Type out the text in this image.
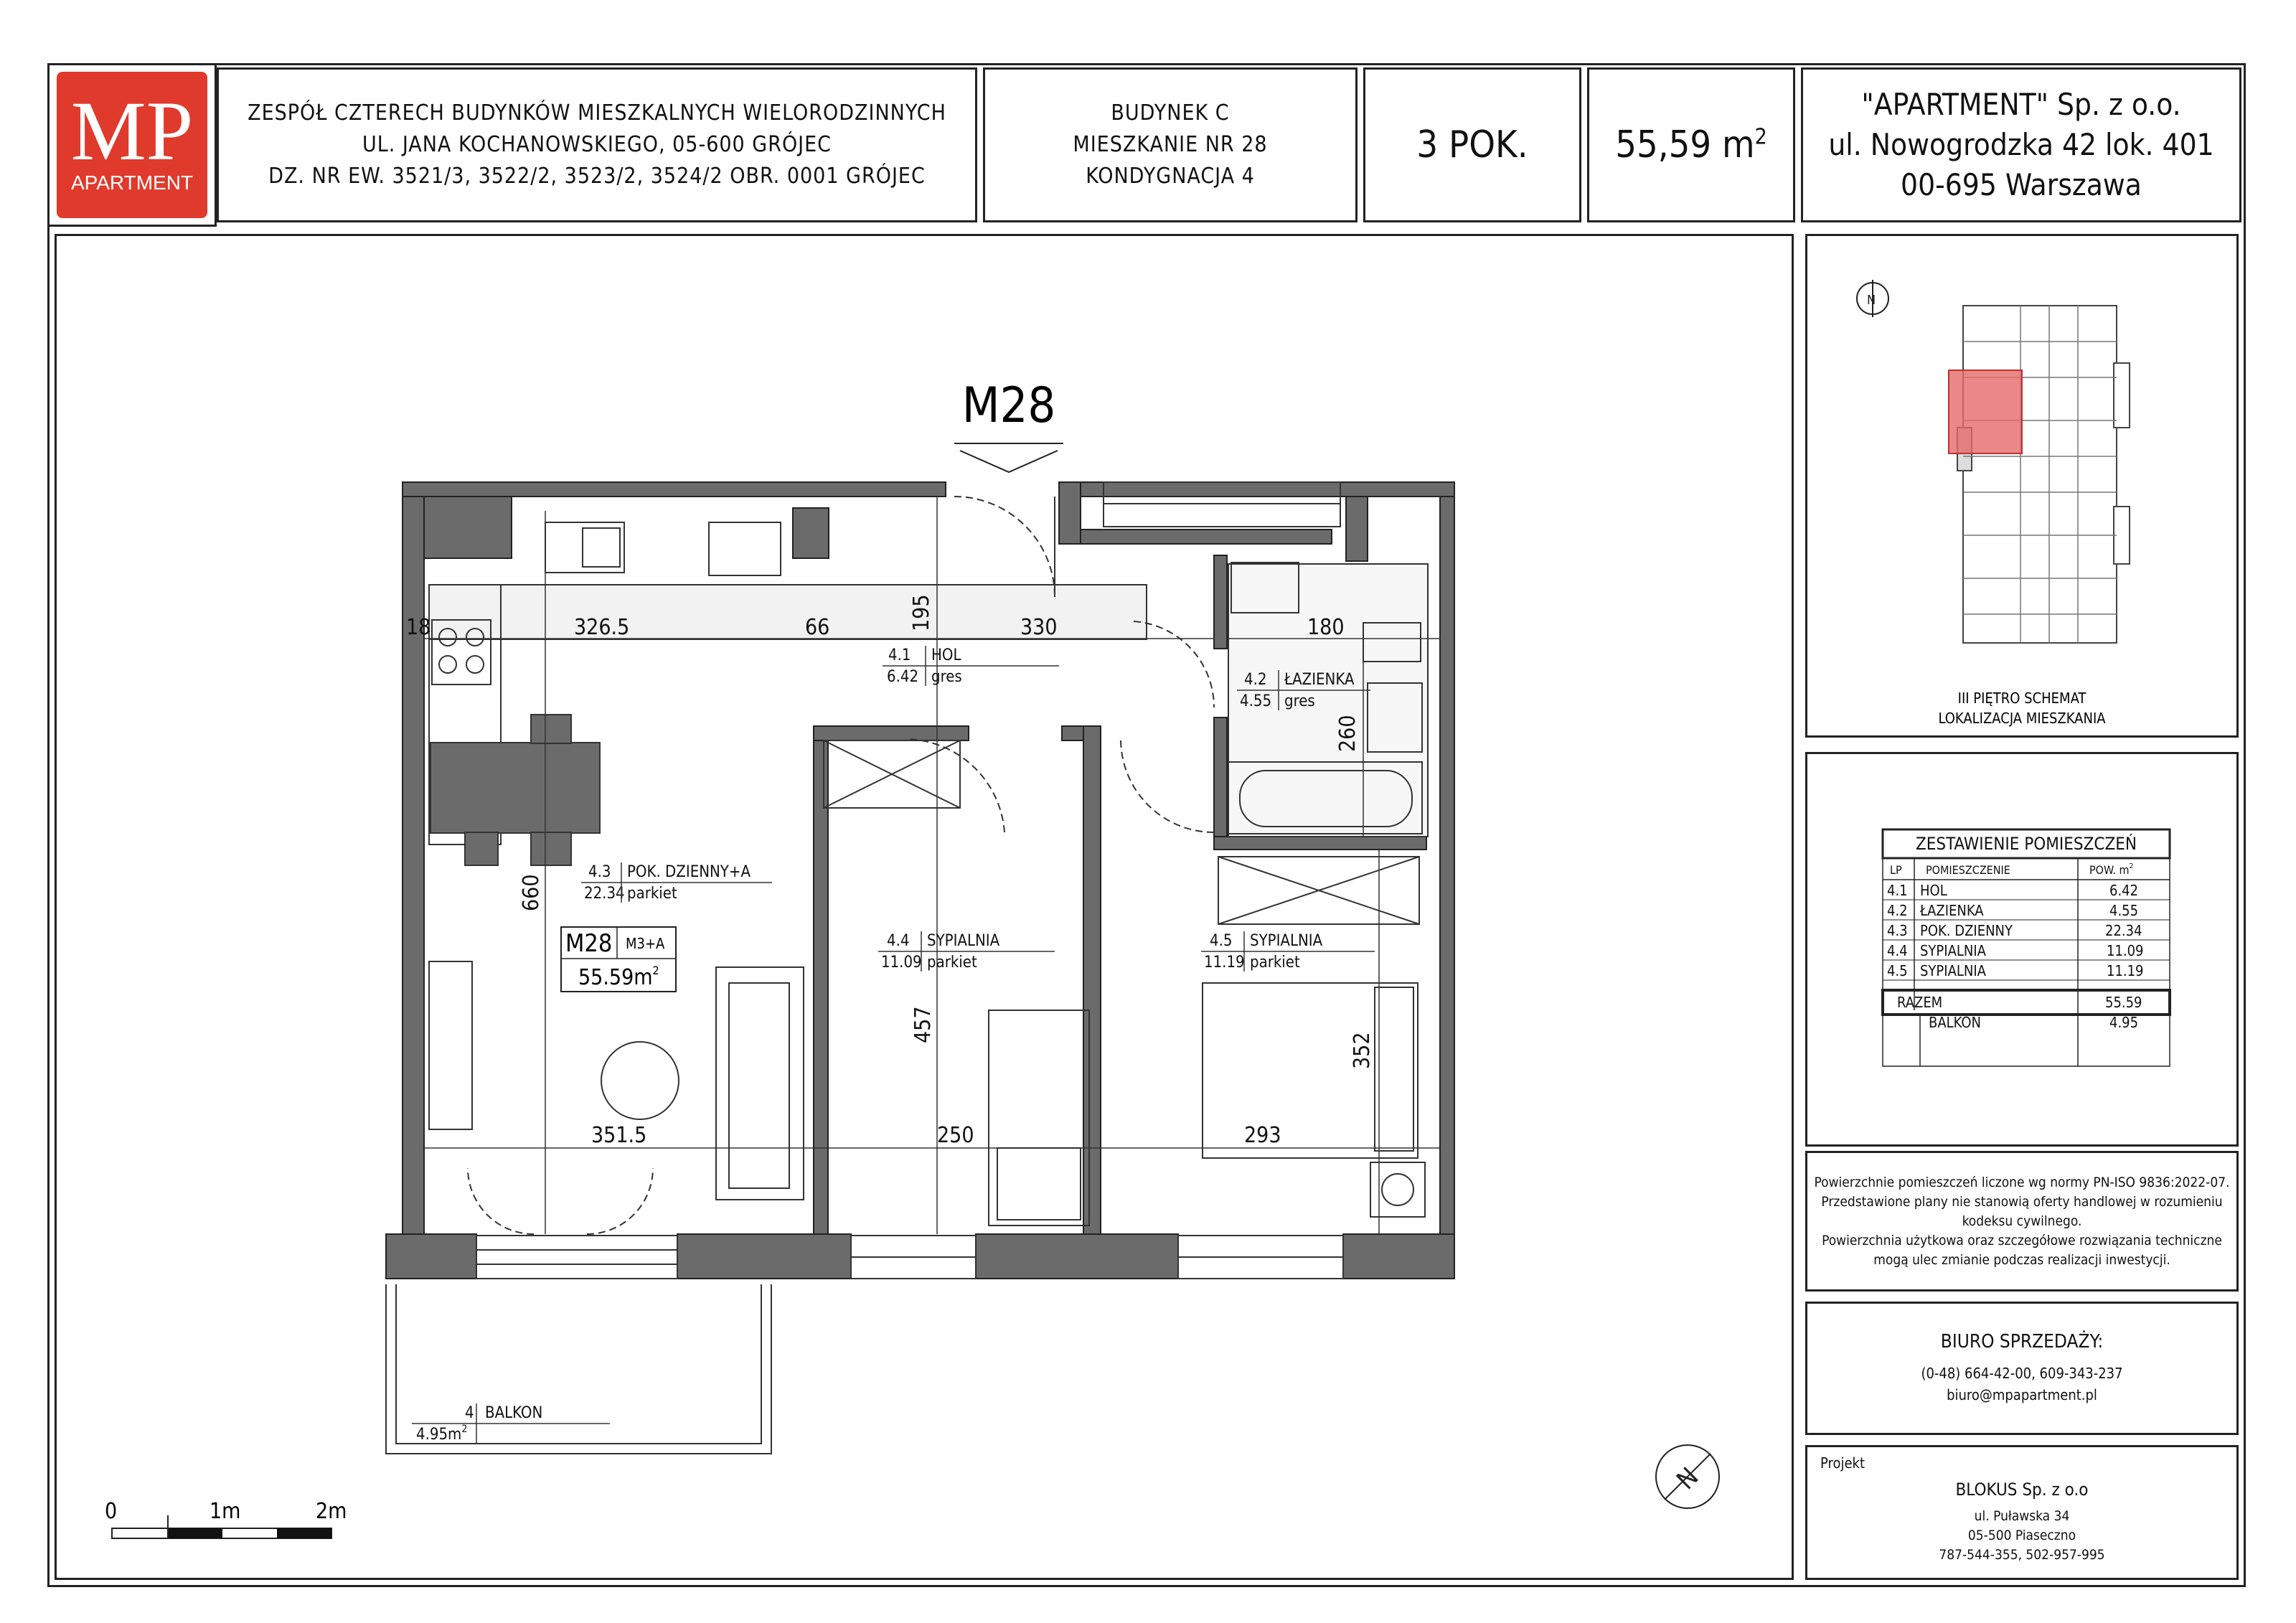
MP
APARTMENT
ZESPÓŁ CZTERECH BUDYNKÓW MIESZKALNYCH WIELORODZINNYCH
UL. JANA KOCHANOWSKIEGO, 05-600 GRÓJEC
DZ. NR EW. 3521/3, 3522/2, 3523/2, 3524/2 OBR. 0001 GRÓJEC
BUDYNEK C
MIESZKANIE NR 28
KONDYGNACJA 4
3 POK. 55,59 $m^2$
"APARTMENT" Sp. z o.o.
ul. Nowogrodzka 42 lok. 401
00-695 Warszawa
M28
18	326.5	66	195	330	180
260
660
457
352
351.5	250	293
4.1 HOL
6.42 gres	4.2 ŁAZIENKA
4.55 gres
4.3 POK. DZIENNY+A
22.34 parkiet
4.4 SYPIALNIA
11.09 parkiet
4.5 SYPIALNIA
11.19 parkiet
4 BALKON
$4.95m^2$
M28 M3+A
$55.59m^2$
0	1m	2m
N
N
III PIĘTRO SCHEMAT
LOKALIZACJA MIESZKANIA
ZESTAWIENIE POMIESZCZEŃ
LP POMIESZCZENIE	POW. $m^2$
4.1 HOL	6.42
4.2 ŁAZIENKA	4.55
4.3 POK. DZIENNY	22.34
4.4 SYPIALNIA	11.09
4.5 SYPIALNIA	11.19
RAZEM	55.59
BALKON	4.95
Powierzchnie pomieszczeń liczone wg normy PN-ISO 9836:2022-07.
Przedstawione plany nie stanowią oferty handlowej w rozumieniu
kodeksu cywilnego.
Powierzchnia użytkowa oraz szczegółowe rozwiązania techniczne
mogą ulec zmianie podczas realizacji inwestycji.
BIURO SPRZEDAŻY:
(0-48) 664-42-00, 609-343-237
biuro@mpapartment.pl
Projekt
BLOKUS Sp. z o.o
ul. Puławska 34
05-500 Piaseczno
787-544-355, 502-957-995
